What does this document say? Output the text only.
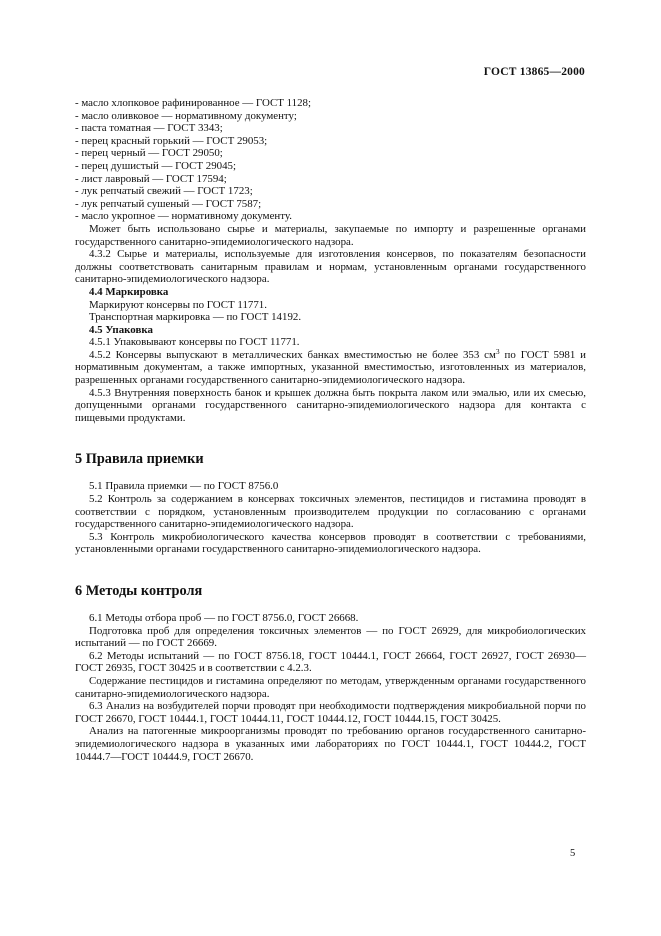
ГОСТ 13865—2000
- масло хлопковое рафинированное — ГОСТ 1128;
- масло оливковое — нормативному документу;
- паста томатная — ГОСТ 3343;
- перец красный горький — ГОСТ 29053;
- перец черный — ГОСТ 29050;
- перец душистый — ГОСТ 29045;
- лист лавровый — ГОСТ 17594;
- лук репчатый свежий — ГОСТ 1723;
- лук репчатый сушеный — ГОСТ 7587;
- масло укропное — нормативному документу.

Может быть использовано сырье и материалы, закупаемые по импорту и разрешенные органами государственного санитарно-эпидемиологического надзора.

4.3.2 Сырье и материалы, используемые для изготовления консервов, по показателям безопасности должны соответствовать санитарным правилам и нормам, установленным органами государственного санитарно-эпидемиологического надзора.

4.4 Маркировка

Маркируют консервы по ГОСТ 11771.

Транспортная маркировка — по ГОСТ 14192.

4.5 Упаковка

4.5.1 Упаковывают консервы по ГОСТ 11771.

4.5.2 Консервы выпускают в металлических банках вместимостью не более 353 $см^3$ по ГОСТ 5981 и нормативным документам, а также импортных, указанной вместимостью, изготовленных из материалов, разрешенных органами государственного санитарно-эпидемиологического надзора.

4.5.3 Внутренняя поверхность банок и крышек должна быть покрыта лаком или эмалью, или их смесью, допущенными органами государственного санитарно-эпидемиологического надзора для контакта с пищевыми продуктами.

5 Правила приемки

5.1 Правила приемки — по ГОСТ 8756.0

5.2 Контроль за содержанием в консервах токсичных элементов, пестицидов и гистамина проводят в соответствии с порядком, установленным производителем продукции по согласованию с органами государственного санитарно-эпидемиологического надзора.

5.3 Контроль микробиологического качества консервов проводят в соответствии с требованиями, установленными органами государственного санитарно-эпидемиологического надзора.

6 Методы контроля

6.1 Методы отбора проб — по ГОСТ 8756.0, ГОСТ 26668.

Подготовка проб для определения токсичных элементов — по ГОСТ 26929, для микробиологических испытаний — по ГОСТ 26669.

6.2 Методы испытаний — по ГОСТ 8756.18, ГОСТ 10444.1, ГОСТ 26664, ГОСТ 26927, ГОСТ 26930—ГОСТ 26935, ГОСТ 30425 и в соответствии с 4.2.3.

Содержание пестицидов и гистамина определяют по методам, утвержденным органами государственного санитарно-эпидемиологического надзора.

6.3 Анализ на возбудителей порчи проводят при необходимости подтверждения микробиальной порчи по ГОСТ 26670, ГОСТ 10444.1, ГОСТ 10444.11, ГОСТ 10444.12, ГОСТ 10444.15, ГОСТ 30425.

Анализ на патогенные микроорганизмы проводят по требованию органов государственного санитарно-эпидемиологического надзора в указанных ими лабораториях по ГОСТ 10444.1, ГОСТ 10444.2, ГОСТ 10444.7—ГОСТ 10444.9, ГОСТ 26670.

5
